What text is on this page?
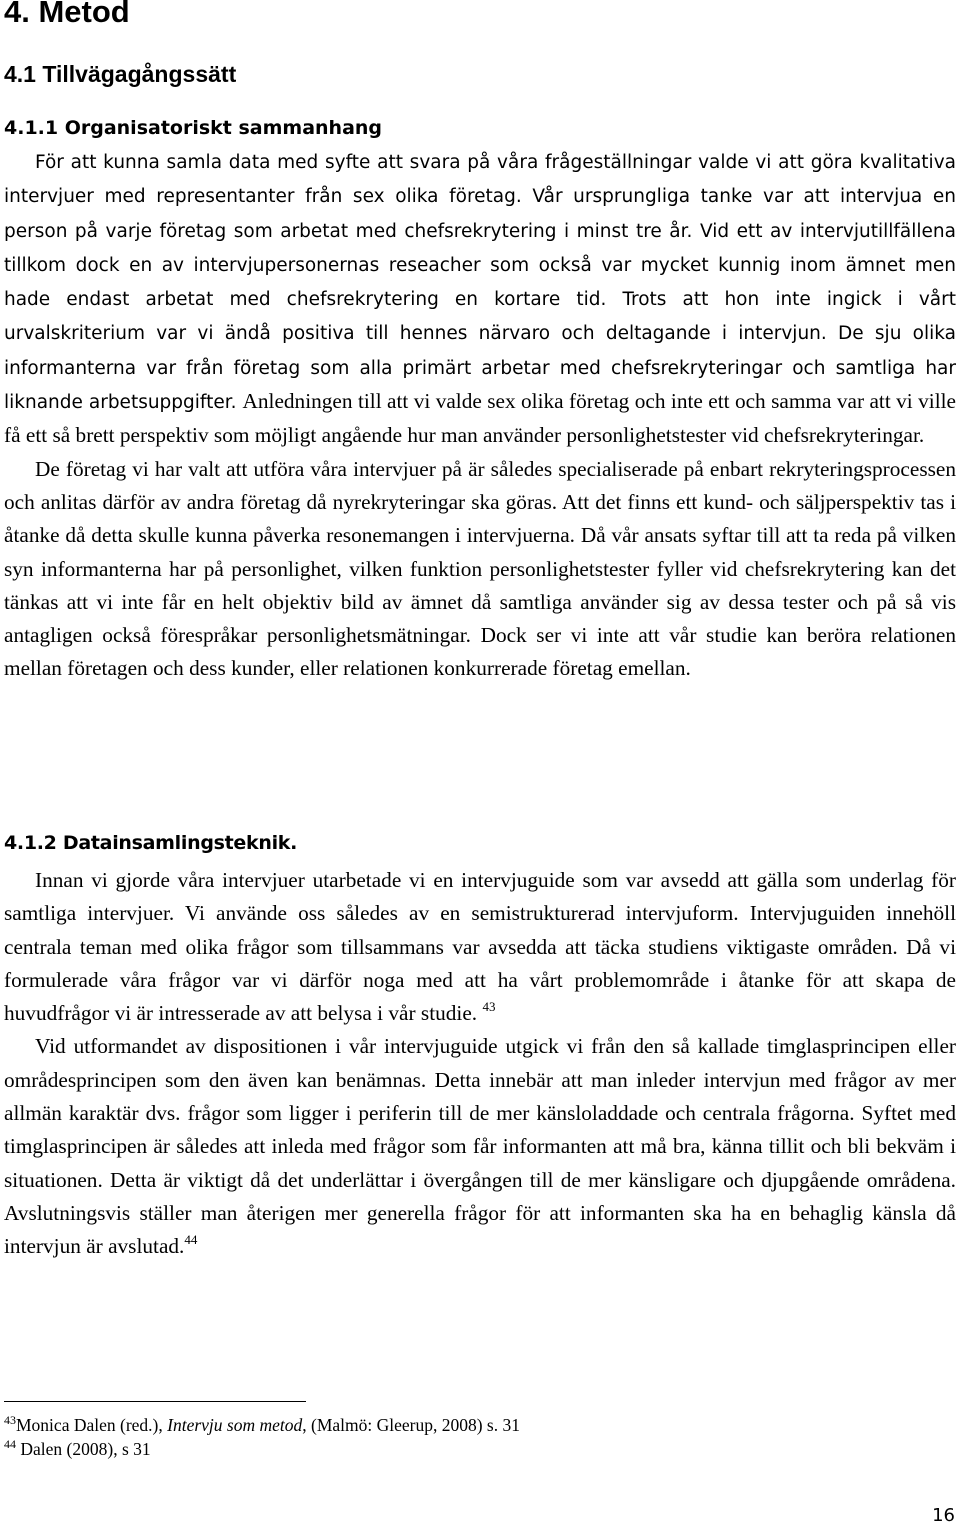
4. Metod
4.1 Tillvägagångssätt
4.1.1 Organisatoriskt sammanhang

För att kunna samla data med syfte att svara på våra frågeställningar valde vi att göra kvalitativa intervjuer med representanter från sex olika företag. Vår ursprungliga tanke var att intervjua en person på varje företag som arbetat med chefsrekrytering i minst tre år. Vid ett av intervjutillfällena tillkom dock en av intervjupersonernas reseacher som också var mycket kunnig inom ämnet men hade endast arbetat med chefsrekrytering en kortare tid. Trots att hon inte ingick i vårt urvalskriterium var vi ändå positiva till hennes närvaro och deltagande i intervjun. De sju olika informanterna var från företag som alla primärt arbetar med chefsrekryteringar och samtliga har liknande arbetsuppgifter. Anledningen till att vi valde sex olika företag och inte ett och samma var att vi ville få ett så brett perspektiv som möjligt angående hur man använder personlighetstester vid chefsrekryteringar.

De företag vi har valt att utföra våra intervjuer på är således specialiserade på enbart rekryteringsprocessen och anlitas därför av andra företag då nyrekryteringar ska göras. Att det finns ett kund- och säljperspektiv tas i åtanke då detta skulle kunna påverka resonemangen i intervjuerna. Då vår ansats syftar till att ta reda på vilken syn informanterna har på personlighet, vilken funktion personlighetstester fyller vid chefsrekrytering kan det tänkas att vi inte får en helt objektiv bild av ämnet då samtliga använder sig av dessa tester och på så vis antagligen också förespråkar personlighetsmätningar. Dock ser vi inte att vår studie kan beröra relationen mellan företagen och dess kunder, eller relationen konkurrerade företag emellan.

4.1.2 Datainsamlingsteknik.

Innan vi gjorde våra intervjuer utarbetade vi en intervjuguide som var avsedd att gälla som underlag för samtliga intervjuer. Vi använde oss således av en semistrukturerad intervjuform. Intervjuguiden innehöll centrala teman med olika frågor som tillsammans var avsedda att täcka studiens viktigaste områden. Då vi formulerade våra frågor var vi därför noga med att ha vårt problemområde i åtanke för att skapa de huvudfrågor vi är intresserade av att belysa i vår studie. $^{43}$

Vid utformandet av dispositionen i vår intervjuguide utgick vi från den så kallade timglasprincipen eller områdesprincipen som den även kan benämnas. Detta innebär att man inleder intervjun med frågor av mer allmän karaktär dvs. frågor som ligger i periferin till de mer känsloladdade och centrala frågorna. Syftet med timglasprincipen är således att inleda med frågor som får informanten att må bra, känna tillit och bli bekväm i situationen. Detta är viktigt då det underlättar i övergången till de mer känsligare och djupgående områdena. Avslutningsvis ställer man återigen mer generella frågor för att informanten ska ha en behaglig känsla då intervjun är avslutad.$^{44}$

$^{43}$Monica Dalen (red.), Intervju som metod, (Malmö: Gleerup, 2008) s. 31

$^{44}$ Dalen (2008), s 31

16
